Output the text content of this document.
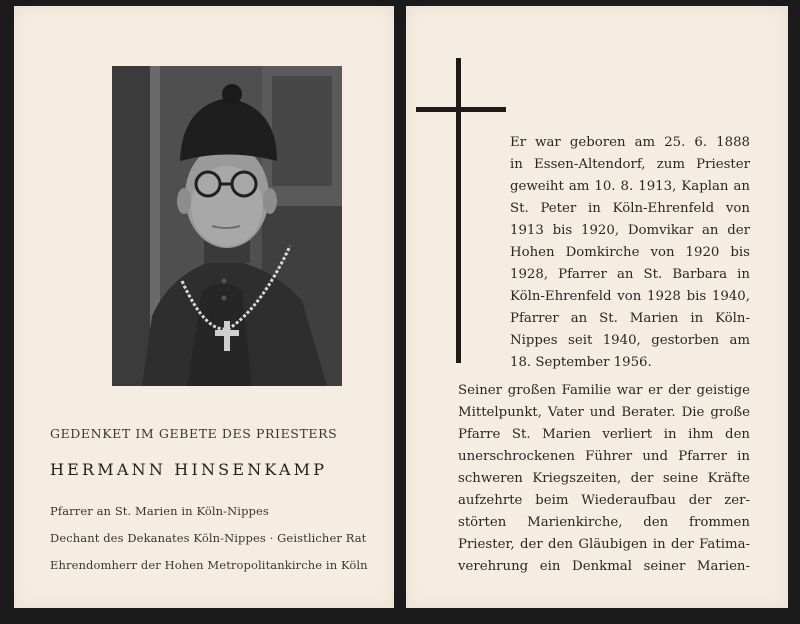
GEDENKET IM GEBETE DES PRIESTERS
HERMANN HINSENKAMP
Pfarrer an St. Marien in Köln-Nippes
Dechant des Dekanates Köln-Nippes · Geistlicher Rat
Ehrendomherr der Hohen Metropolitankirche in Köln
Er war geboren am 25. 6. 1888
in Essen-Altendorf, zum Priester
geweiht am 10. 8. 1913, Kaplan an
St. Peter in Köln-Ehrenfeld von
1913 bis 1920, Domvikar an der
Hohen Domkirche von 1920 bis
1928, Pfarrer an St. Barbara in
Köln-Ehrenfeld von 1928 bis 1940,
Pfarrer an St. Marien in Köln-
Nippes seit 1940, gestorben am
18. September 1956.
Seiner großen Familie war er der geistige
Mittelpunkt, Vater und Berater. Die große
Pfarre St. Marien verliert in ihm den
unerschrockenen Führer und Pfarrer in
schweren Kriegszeiten, der seine Kräfte
aufzehrte beim Wiederaufbau der zer-
störten Marienkirche, den frommen
Priester, der den Gläubigen in der Fatima-
verehrung ein Denkmal seiner Marien-
